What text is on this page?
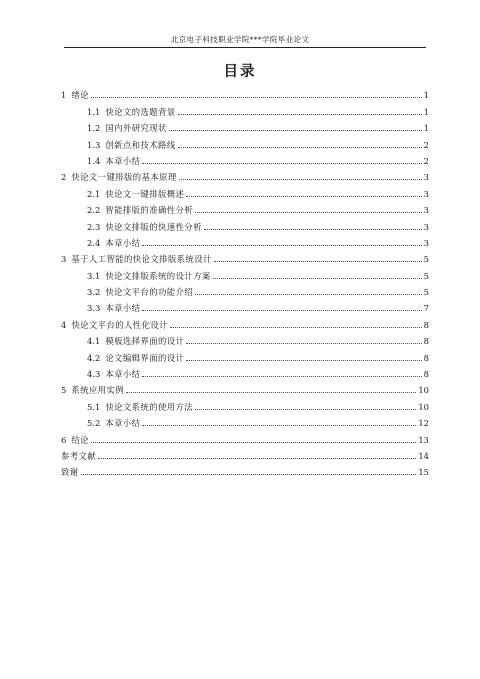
北京电子科技职业学院***学院毕业论文
目录
1 绪论	1
1.1 快论文的选题背景	1
1.2 国内外研究现状	1
1.3 创新点和技术路线	2
1.4 本章小结	2
2 快论文一键排版的基本原理	3
2.1 快论文一键排版概述	3
2.2 智能排版的准确性分析	3
2.3 快论文排版的快速性分析	3
2.4 本章小结	3
3 基于人工智能的快论文排版系统设计	5
3.1 快论文排版系统的设计方案	5
3.2 快论文平台的功能介绍	5
3.3 本章小结	7
4 快论文平台的人性化设计	8
4.1 模板选择界面的设计	8
4.2 论文编辑界面的设计	8
4.3 本章小结	8
5 系统应用实例	10
5.1 快论文系统的使用方法	10
5.2 本章小结	12
6 结论	13
参考文献	14
致谢	15
